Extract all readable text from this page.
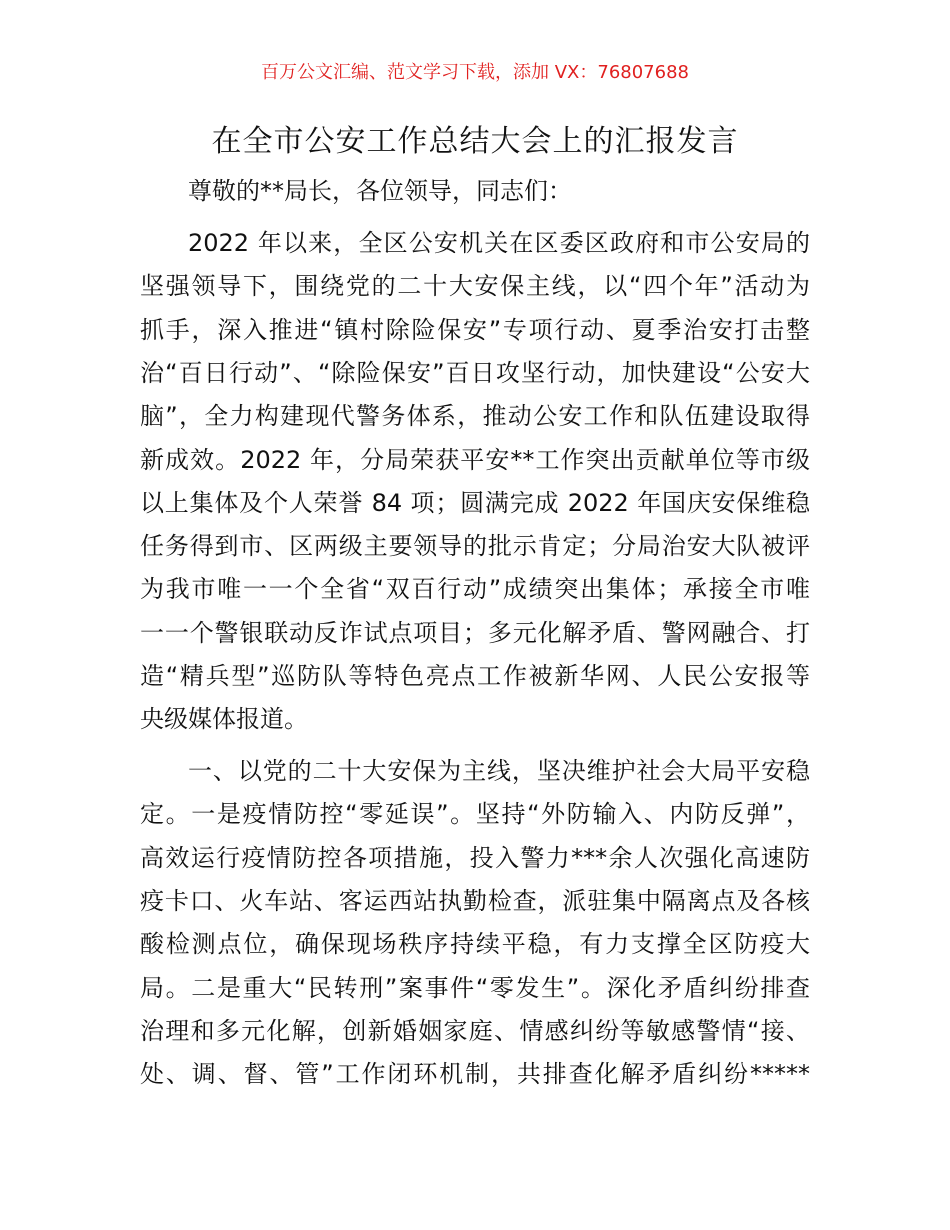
百万公文汇编、范文学习下载，添加 VX：76807688
在全市公安工作总结大会上的汇报发言
尊敬的**局长，各位领导，同志们：
2022 年以来，全区公安机关在区委区政府和市公安局的
坚强领导下，围绕党的二十大安保主线，以“四个年”活动为
抓手，深入推进“镇村除险保安”专项行动、夏季治安打击整
治“百日行动”、“除险保安”百日攻坚行动，加快建设“公安大
脑”，全力构建现代警务体系，推动公安工作和队伍建设取得
新成效。2022 年，分局荣获平安**工作突出贡献单位等市级
以上集体及个人荣誉 84 项；圆满完成 2022 年国庆安保维稳
任务得到市、区两级主要领导的批示肯定；分局治安大队被评
为我市唯一一个全省“双百行动”成绩突出集体；承接全市唯
一一个警银联动反诈试点项目；多元化解矛盾、警网融合、打
造“精兵型”巡防队等特色亮点工作被新华网、人民公安报等
央级媒体报道。
一、以党的二十大安保为主线，坚决维护社会大局平安稳
定。一是疫情防控“零延误”。坚持“外防输入、内防反弹”，
高效运行疫情防控各项措施，投入警力***余人次强化高速防
疫卡口、火车站、客运西站执勤检查，派驻集中隔离点及各核
酸检测点位，确保现场秩序持续平稳，有力支撑全区防疫大
局。二是重大“民转刑”案事件“零发生”。深化矛盾纠纷排查
治理和多元化解，创新婚姻家庭、情感纠纷等敏感警情“接、
处、调、督、管”工作闭环机制，共排查化解矛盾纠纷*****
